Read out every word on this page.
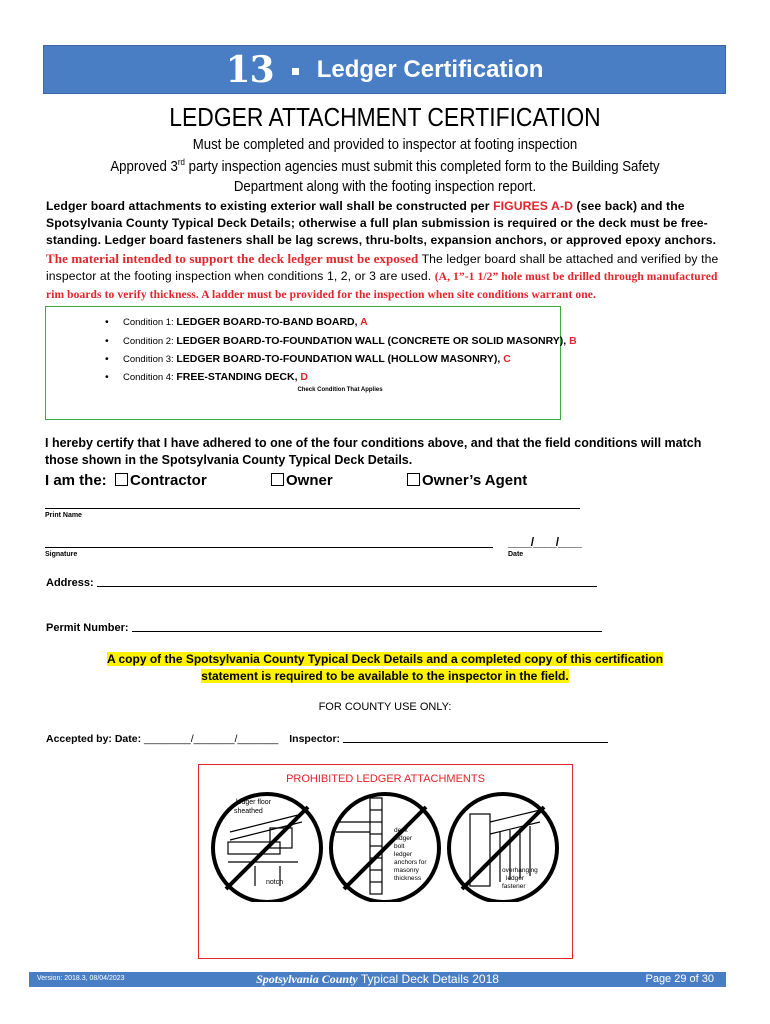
13 Ledger Certification
LEDGER ATTACHMENT CERTIFICATION
Must be completed and provided to inspector at footing inspection
Approved 3rd party inspection agencies must submit this completed form to the Building Safety
Department along with the footing inspection report.
Ledger board attachments to existing exterior wall shall be constructed per FIGURES A-D (see back) and the Spotsylvania County Typical Deck Details; otherwise a full plan submission is required or the deck must be free-standing. Ledger board fasteners shall be lag screws, thru-bolts, expansion anchors, or approved epoxy anchors.
The material intended to support the deck ledger must be exposed The ledger board shall be attached and verified by the inspector at the footing inspection when conditions 1, 2, or 3 are used. (A, 1”-1 1/2” hole must be drilled through manufactured rim boards to verify thickness. A ladder must be provided for the inspection when site conditions warrant one.
• Condition 1: LEDGER BOARD-TO-BAND BOARD, A
• Condition 2: LEDGER BOARD-TO-FOUNDATION WALL (CONCRETE OR SOLID MASONRY), B
• Condition 3: LEDGER BOARD-TO-FOUNDATION WALL (HOLLOW MASONRY), C
• Condition 4: FREE-STANDING DECK, D
Check Condition That Applies
I hereby certify that I have adhered to one of the four conditions above, and that the field conditions will match those shown in the Spotsylvania County Typical Deck Details.
I am the:	Contractor	Owner	Owner’s Agent
Print Name
Signature
____/____/____
Date
Address:
Permit Number:
A copy of the Spotsylvania County Typical Deck Details and a completed copy of this certification
statement is required to be available to the inspector in the field.
FOR COUNTY USE ONLY:
Accepted by: Date: ________/_______/_______ Inspector:
PROHIBITED LEDGER ATTACHMENTS
ledger floor
sheathed
notch
deck
ledger
bolt
ledger
anchors for
masonry
thickness
overhanging
ledger
fastener
Version: 2018.3, 08/04/2023	Spotsylvania County Typical Deck Details 2018	Page 29 of 30
